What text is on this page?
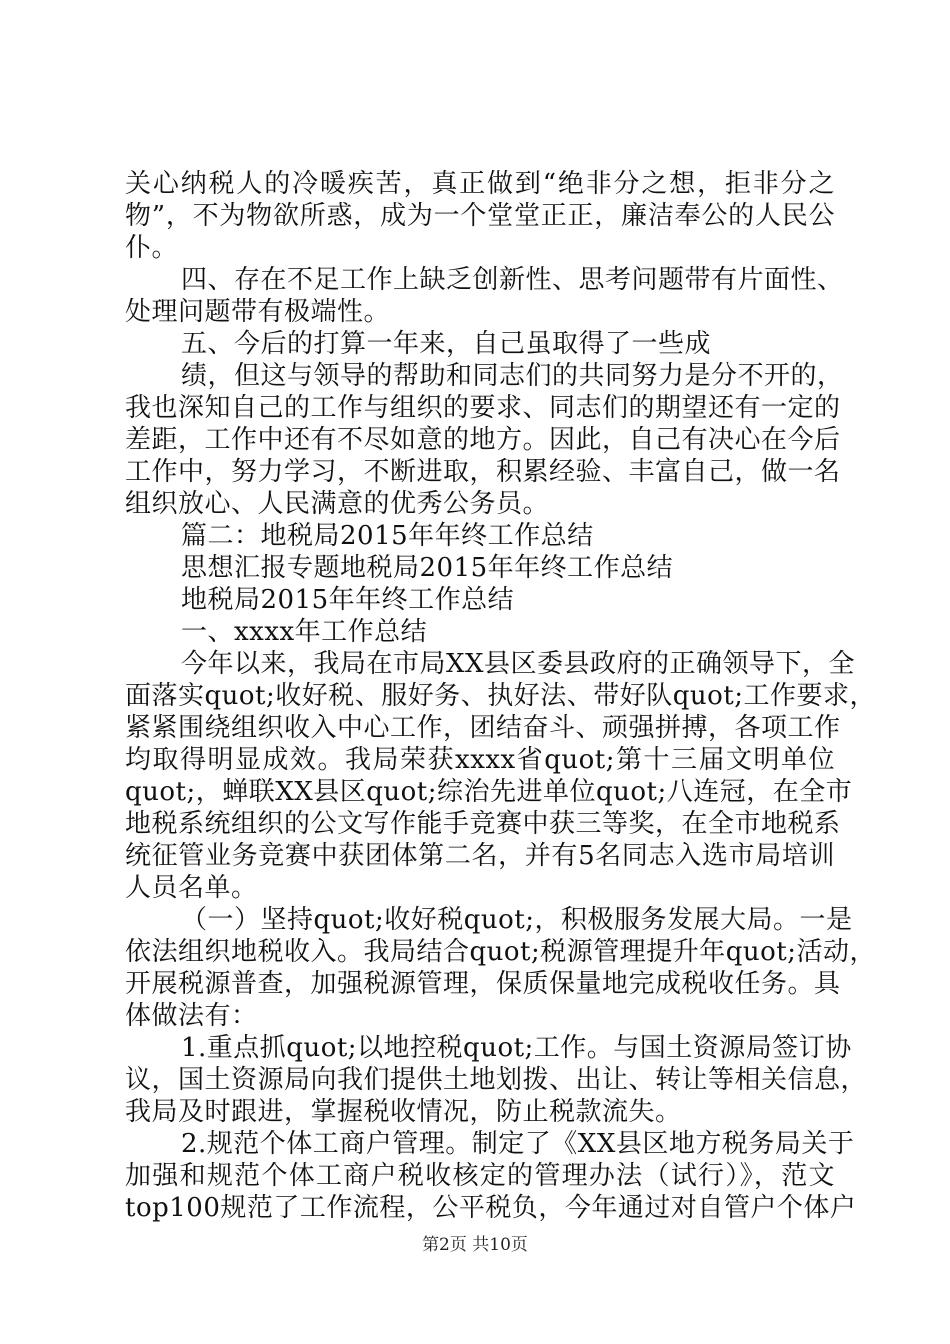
关心纳税人的冷暖疾苦，真正做到“绝非分之想，拒非分之
物”，不为物欲所惑，成为一个堂堂正正，廉洁奉公的人民公
仆。
四、存在不足工作上缺乏创新性、思考问题带有片面性、
处理问题带有极端性。
五、今后的打算一年来，自己虽取得了一些成
绩，但这与领导的帮助和同志们的共同努力是分不开的，
我也深知自己的工作与组织的要求、同志们的期望还有一定的
差距，工作中还有不尽如意的地方。因此，自己有决心在今后
工作中，努力学习，不断进取，积累经验、丰富自己，做一名
组织放心、人民满意的优秀公务员。
篇二：地税局2015年年终工作总结
思想汇报专题地税局2015年年终工作总结
地税局2015年年终工作总结
一、xxxx年工作总结
今年以来，我局在市局XX县区委县政府的正确领导下，全
面落实quot;收好税、服好务、执好法、带好队quot;工作要求，
紧紧围绕组织收入中心工作，团结奋斗、顽强拼搏，各项工作
均取得明显成效。我局荣获xxxx省quot;第十三届文明单位
quot;，蝉联XX县区quot;综治先进单位quot;八连冠，在全市
地税系统组织的公文写作能手竞赛中获三等奖，在全市地税系
统征管业务竞赛中获团体第二名，并有5名同志入选市局培训
人员名单。
（一）坚持quot;收好税quot;，积极服务发展大局。一是
依法组织地税收入。我局结合quot;税源管理提升年quot;活动，
开展税源普查，加强税源管理，保质保量地完成税收任务。具
体做法有：
1.重点抓quot;以地控税quot;工作。与国土资源局签订协
议，国土资源局向我们提供土地划拨、出让、转让等相关信息，
我局及时跟进，掌握税收情况，防止税款流失。
2.规范个体工商户管理。制定了《XX县区地方税务局关于
加强和规范个体工商户税收核定的管理办法（试行）》，范文
top100规范了工作流程，公平税负，今年通过对自管户个体户
第2页 共10页
